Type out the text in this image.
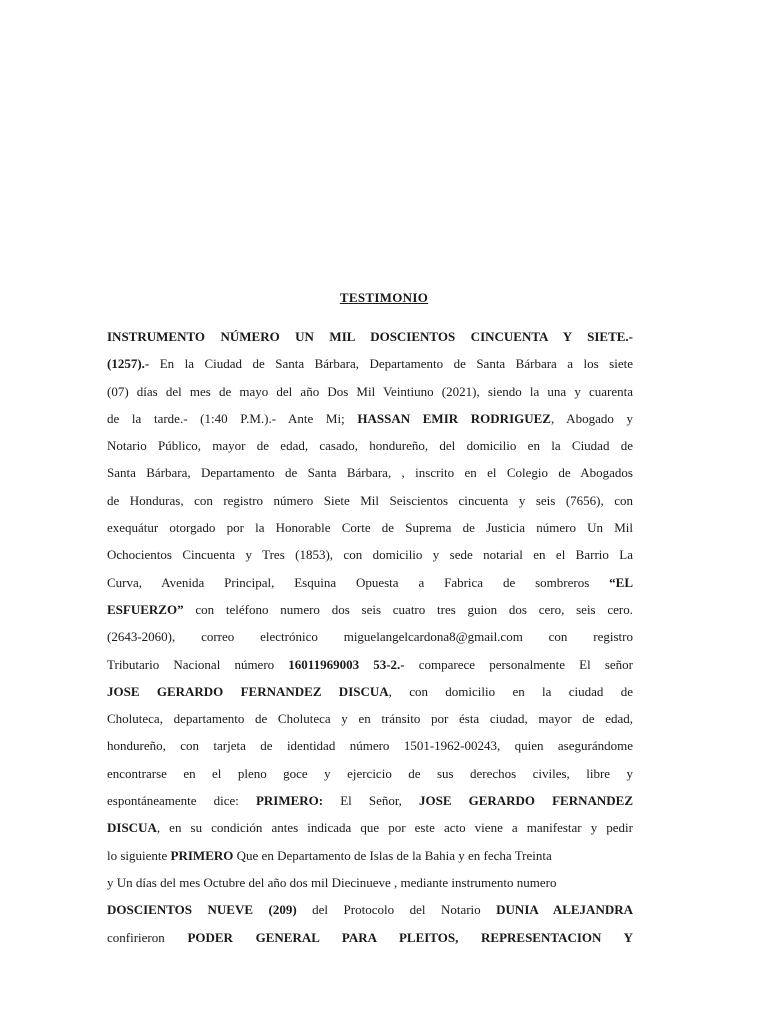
TESTIMONIO
INSTRUMENTO NÚMERO UN MIL DOSCIENTOS CINCUENTA Y SIETE.-
(1257).- En la Ciudad de Santa Bárbara, Departamento de Santa Bárbara a los siete
(07) días del mes de mayo del año Dos Mil Veintiuno (2021), siendo la una y cuarenta
de la tarde.- (1:40 P.M.).- Ante Mi; HASSAN EMIR RODRIGUEZ, Abogado y
Notario Público, mayor de edad, casado, hondureño, del domicilio en la Ciudad de
Santa Bárbara, Departamento de Santa Bárbara, , inscrito en el Colegio de Abogados
de Honduras, con registro número Siete Mil Seiscientos cincuenta y seis (7656), con
exequátur otorgado por la Honorable Corte de Suprema de Justicia número Un Mil
Ochocientos Cincuenta y Tres (1853), con domicilio y sede notarial en el Barrio La
Curva, Avenida Principal, Esquina Opuesta a Fabrica de sombreros “EL
ESFUERZO” con teléfono numero dos seis cuatro tres guion dos cero, seis cero.
(2643-2060), correo electrónico miguelangelcardona8@gmail.com con registro
Tributario Nacional número 16011969003 53-2.- comparece personalmente El señor
JOSE GERARDO FERNANDEZ DISCUA, con domicilio en la ciudad de
Choluteca, departamento de Choluteca y en tránsito por ésta ciudad, mayor de edad,
hondureño, con tarjeta de identidad número 1501-1962-00243, quien asegurándome
encontrarse en el pleno goce y ejercicio de sus derechos civiles, libre y
espontáneamente dice: PRIMERO: El Señor, JOSE GERARDO FERNANDEZ
DISCUA, en su condición antes indicada que por este acto viene a manifestar y pedir
lo siguiente PRIMERO Que en Departamento de Islas de la Bahia y en fecha Treinta
y Un días del mes Octubre del año dos mil Diecinueve , mediante instrumento numero
DOSCIENTOS NUEVE (209) del Protocolo del Notario DUNIA ALEJANDRA
confirieron PODER GENERAL PARA PLEITOS, REPRESENTACION Y
